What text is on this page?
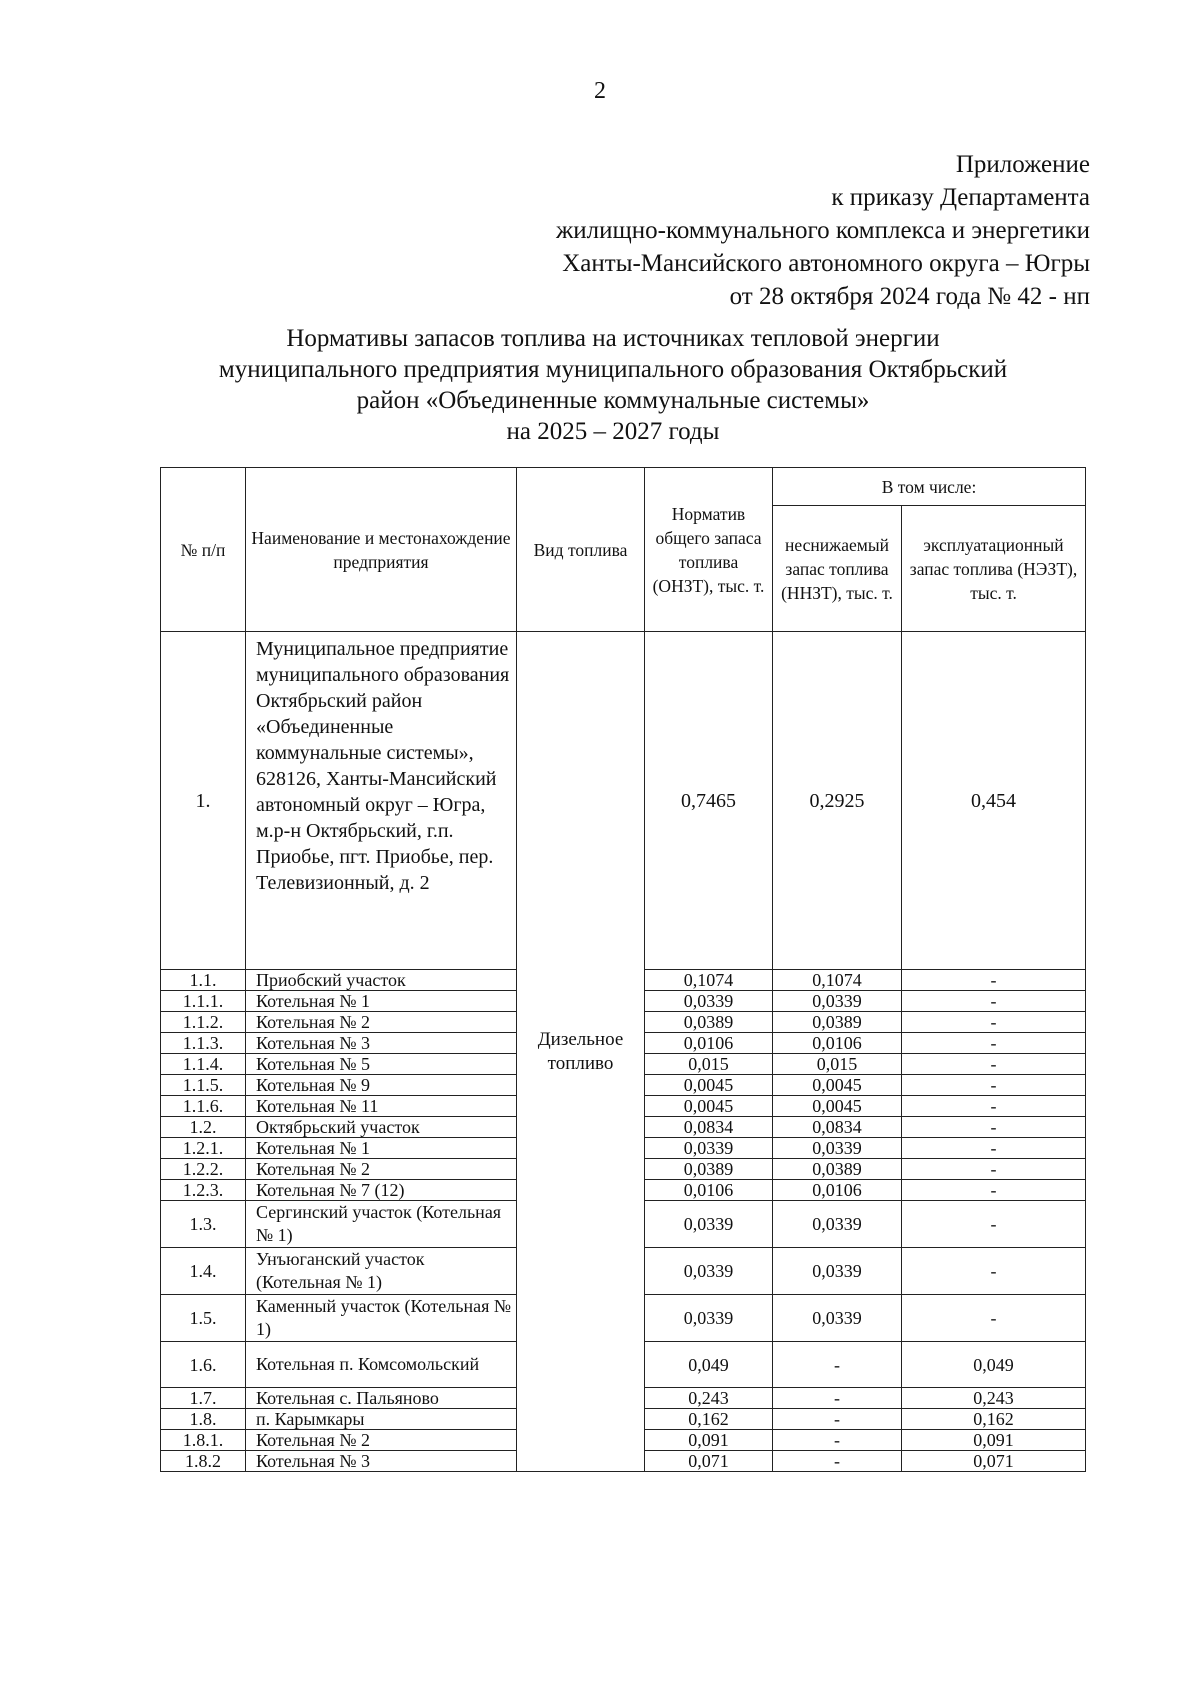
2
Приложение
к приказу Департамента
жилищно-коммунального комплекса и энергетики
Ханты-Мансийского автономного округа – Югры
от 28 октября 2024 года № 42 - нп
Нормативы запасов топлива на источниках тепловой энергии
муниципального предприятия муниципального образования Октябрьский
район «Объединенные коммунальные системы»
на 2025 – 2027 годы
№ п/п	Наименование и местонахождение предприятия	Вид топлива	Норматив общего запаса топлива (ОНЗТ), тыс. т.	В том числе:	
				неснижаемый запас топлива (ННЗТ), тыс. т.	эксплуатационный запас топлива (НЭЗТ), тыс. т.
1.	Муниципальное предприятие муниципального образования Октябрьский район «Объединенные коммунальные системы», 628126, Ханты-Мансийский автономный округ – Югра, м.р-н Октябрьский, г.п. Приобье, пгт. Приобье, пер. Телевизионный, д. 2	Дизельное топливо	0,7465	0,2925	0,454
1.1.	Приобский участок		0,1074	0,1074	-
1.1.1.	Котельная № 1		0,0339	0,0339	-
1.1.2.	Котельная № 2		0,0389	0,0389	-
1.1.3.	Котельная № 3		0,0106	0,0106	-
1.1.4.	Котельная № 5		0,015	0,015	-
1.1.5.	Котельная № 9		0,0045	0,0045	-
1.1.6.	Котельная № 11		0,0045	0,0045	-
1.2.	Октябрьский участок		0,0834	0,0834	-
1.2.1.	Котельная № 1		0,0339	0,0339	-
1.2.2.	Котельная № 2		0,0389	0,0389	-
1.2.3.	Котельная № 7 (12)		0,0106	0,0106	-
1.3.	Сергинский участок (Котельная № 1)		0,0339	0,0339	-
1.4.	Унъюганский участок (Котельная № 1)		0,0339	0,0339	-
1.5.	Каменный участок (Котельная № 1)		0,0339	0,0339	-
1.6.	Котельная п. Комсомольский		0,049	-	0,049
1.7.	Котельная с. Пальяново		0,243	-	0,243
1.8.	п. Карымкары		0,162	-	0,162
1.8.1.	Котельная № 2		0,091	-	0,091
1.8.2	Котельная № 3		0,071	-	0,071
